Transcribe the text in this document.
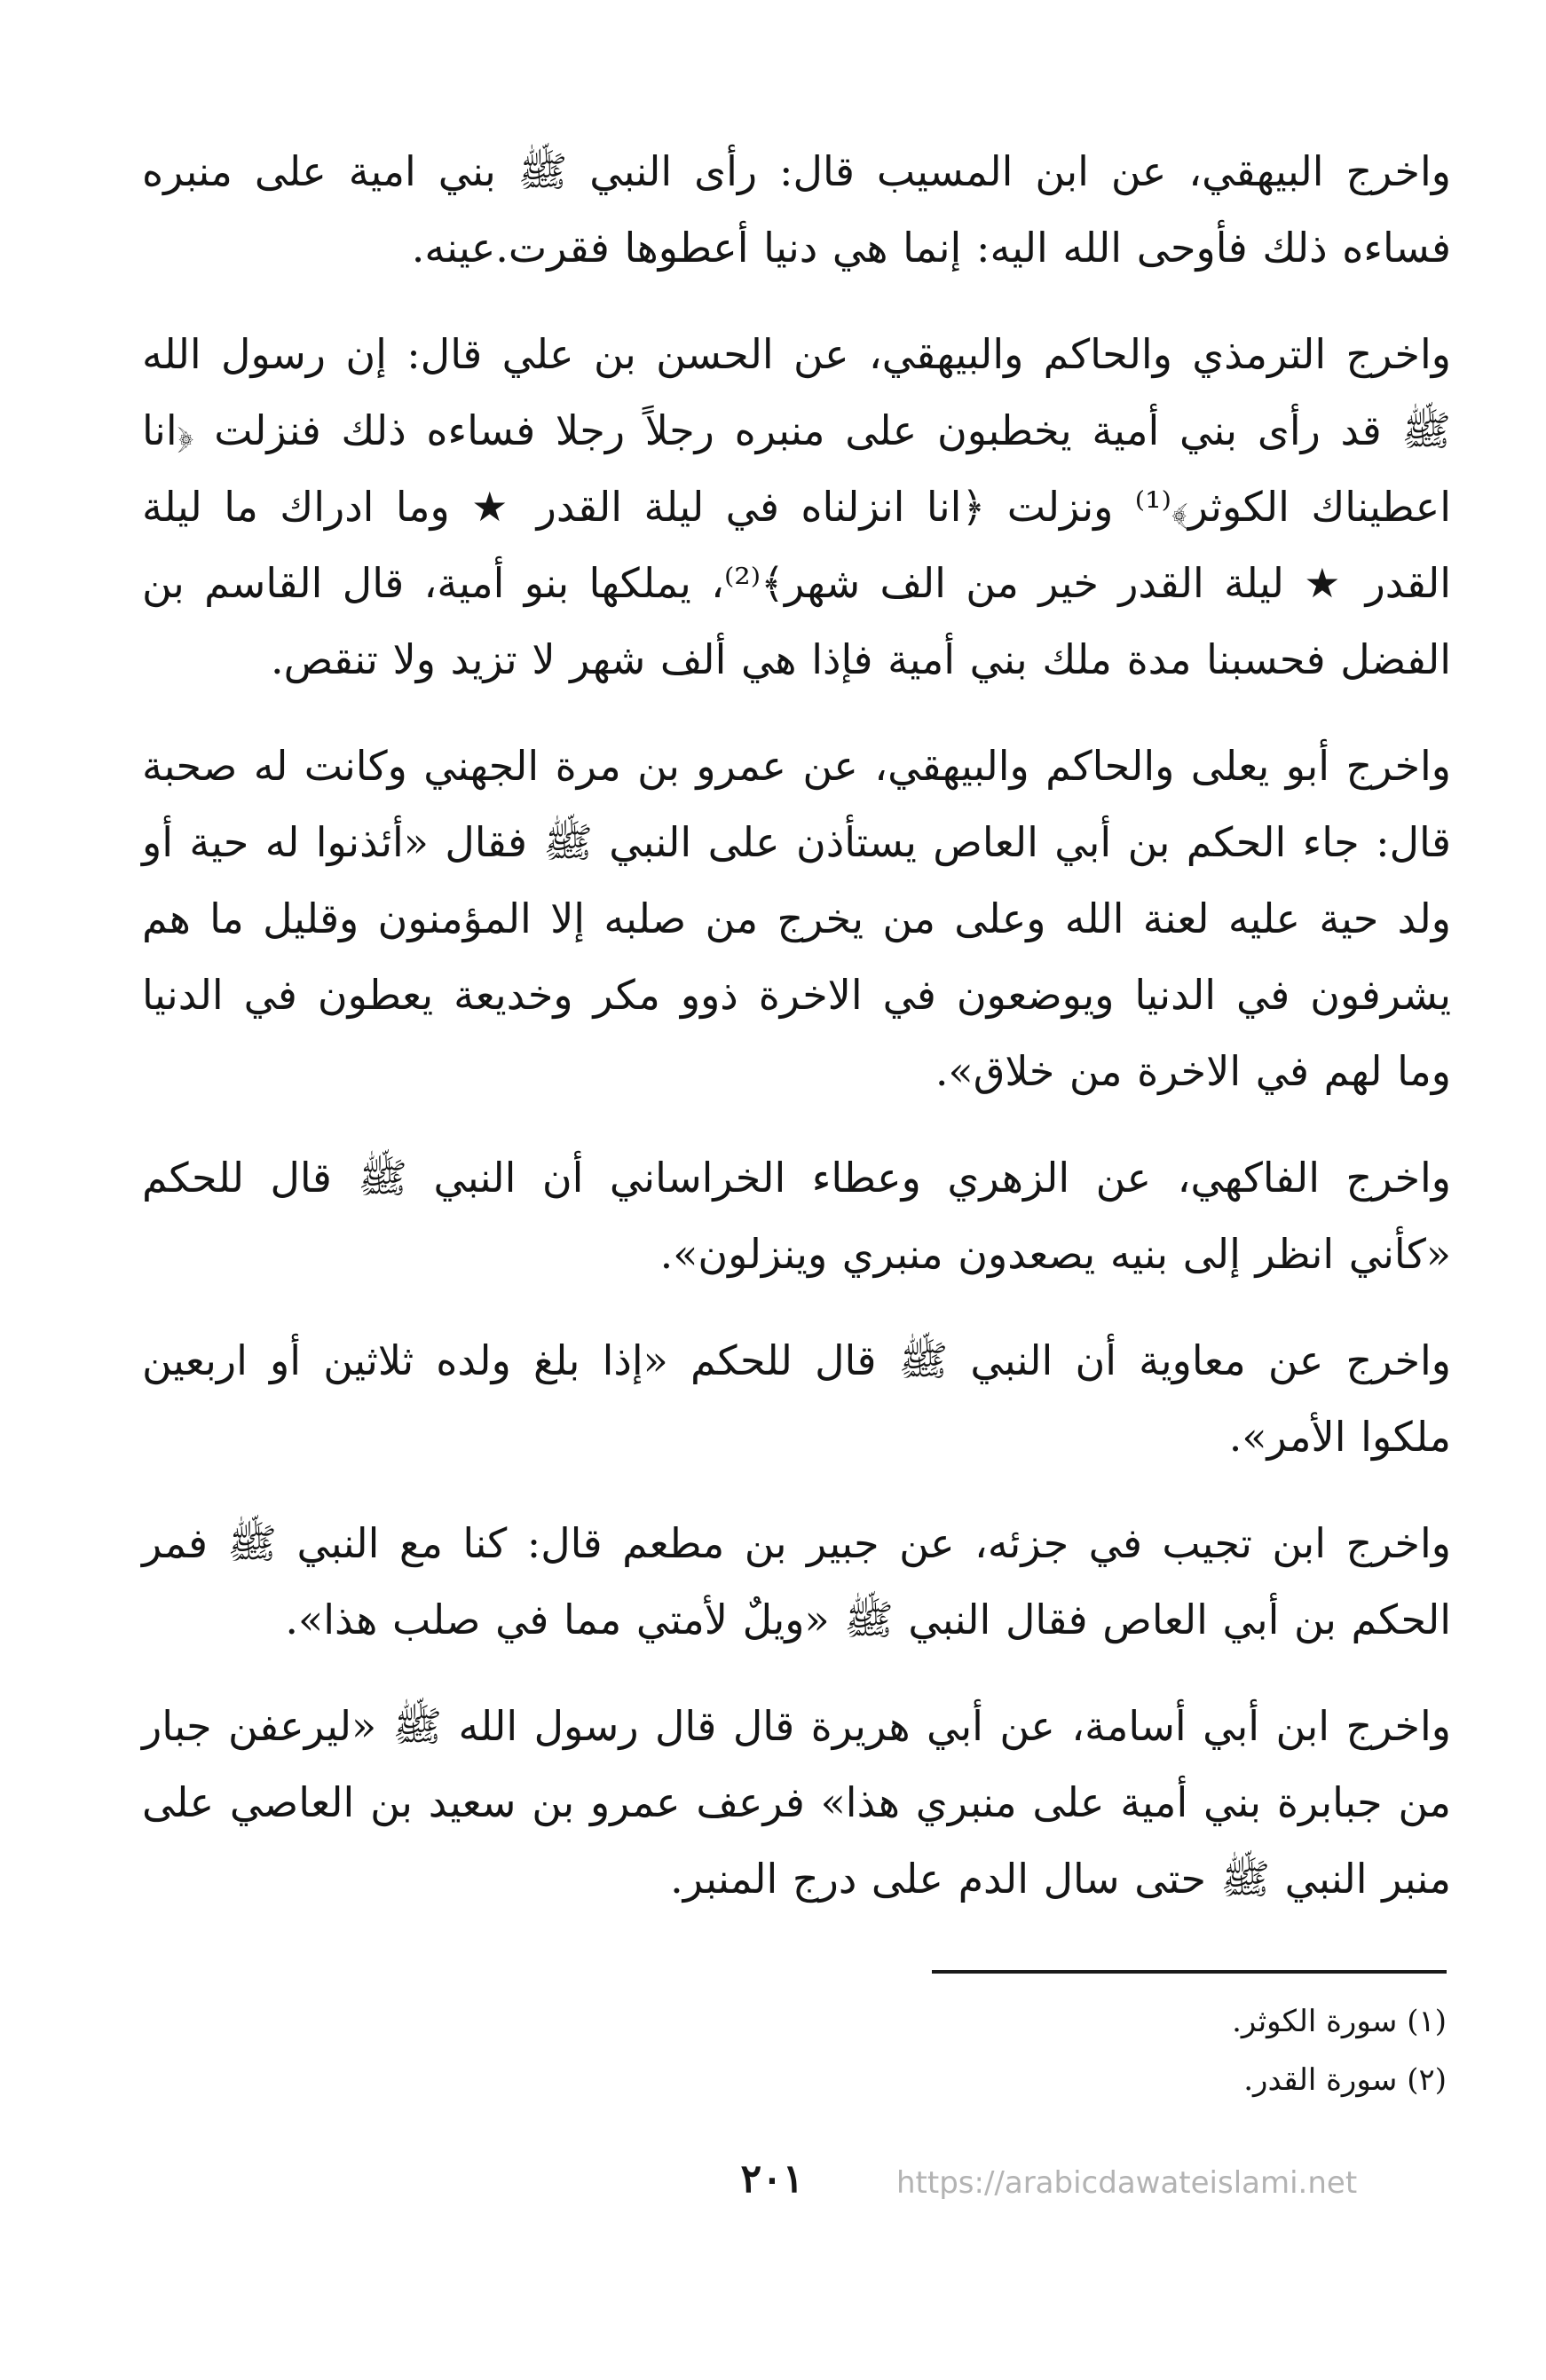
واخرج البيهقي، عن ابن المسيب قال: رأى النبي ﷺ بني امية على منبره فساءه ذلك فأوحى الله اليه: إنما هي دنيا أعطوها فقرت.عينه.

واخرج الترمذي والحاكم والبيهقي، عن الحسن بن علي قال: إن رسول الله ﷺ قد رأى بني أمية يخطبون على منبره رجلاً رجلا فساءه ذلك فنزلت ﴿انا اعطيناك الكوثر﴾⁽¹⁾ ونزلت ﴿انا انزلناه في ليلة القدر ★ وما ادراك ما ليلة القدر ★ ليلة القدر خير من الف شهر﴾⁽²⁾، يملكها بنو أمية، قال القاسم بن الفضل فحسبنا مدة ملك بني أمية فإذا هي ألف شهر لا تزيد ولا تنقص.

واخرج أبو يعلى والحاكم والبيهقي، عن عمرو بن مرة الجهني وكانت له صحبة قال: جاء الحكم بن أبي العاص يستأذن على النبي ﷺ فقال «أئذنوا له حية أو ولد حية عليه لعنة الله وعلى من يخرج من صلبه إلا المؤمنون وقليل ما هم يشرفون في الدنيا ويوضعون في الاخرة ذوو مكر وخديعة يعطون في الدنيا وما لهم في الاخرة من خلاق».

واخرج الفاكهي، عن الزهري وعطاء الخراساني أن النبي ﷺ قال للحكم «كأني انظر إلى بنيه يصعدون منبري وينزلون».

واخرج عن معاوية أن النبي ﷺ قال للحكم «إذا بلغ ولده ثلاثين أو اربعين ملكوا الأمر».

واخرج ابن تجيب في جزئه، عن جبير بن مطعم قال: كنا مع النبي ﷺ فمر الحكم بن أبي العاص فقال النبي ﷺ «ويلٌ لأمتي مما في صلب هذا».

واخرج ابن أبي أسامة، عن أبي هريرة قال قال رسول الله ﷺ «ليرعفن جبار من جبابرة بني أمية على منبري هذا» فرعف عمرو بن سعيد بن العاصي على منبر النبي ﷺ حتى سال الدم على درج المنبر.

(١) سورة الكوثر.

(٢) سورة القدر.

٢٠١	https://arabicdawateislami.net
